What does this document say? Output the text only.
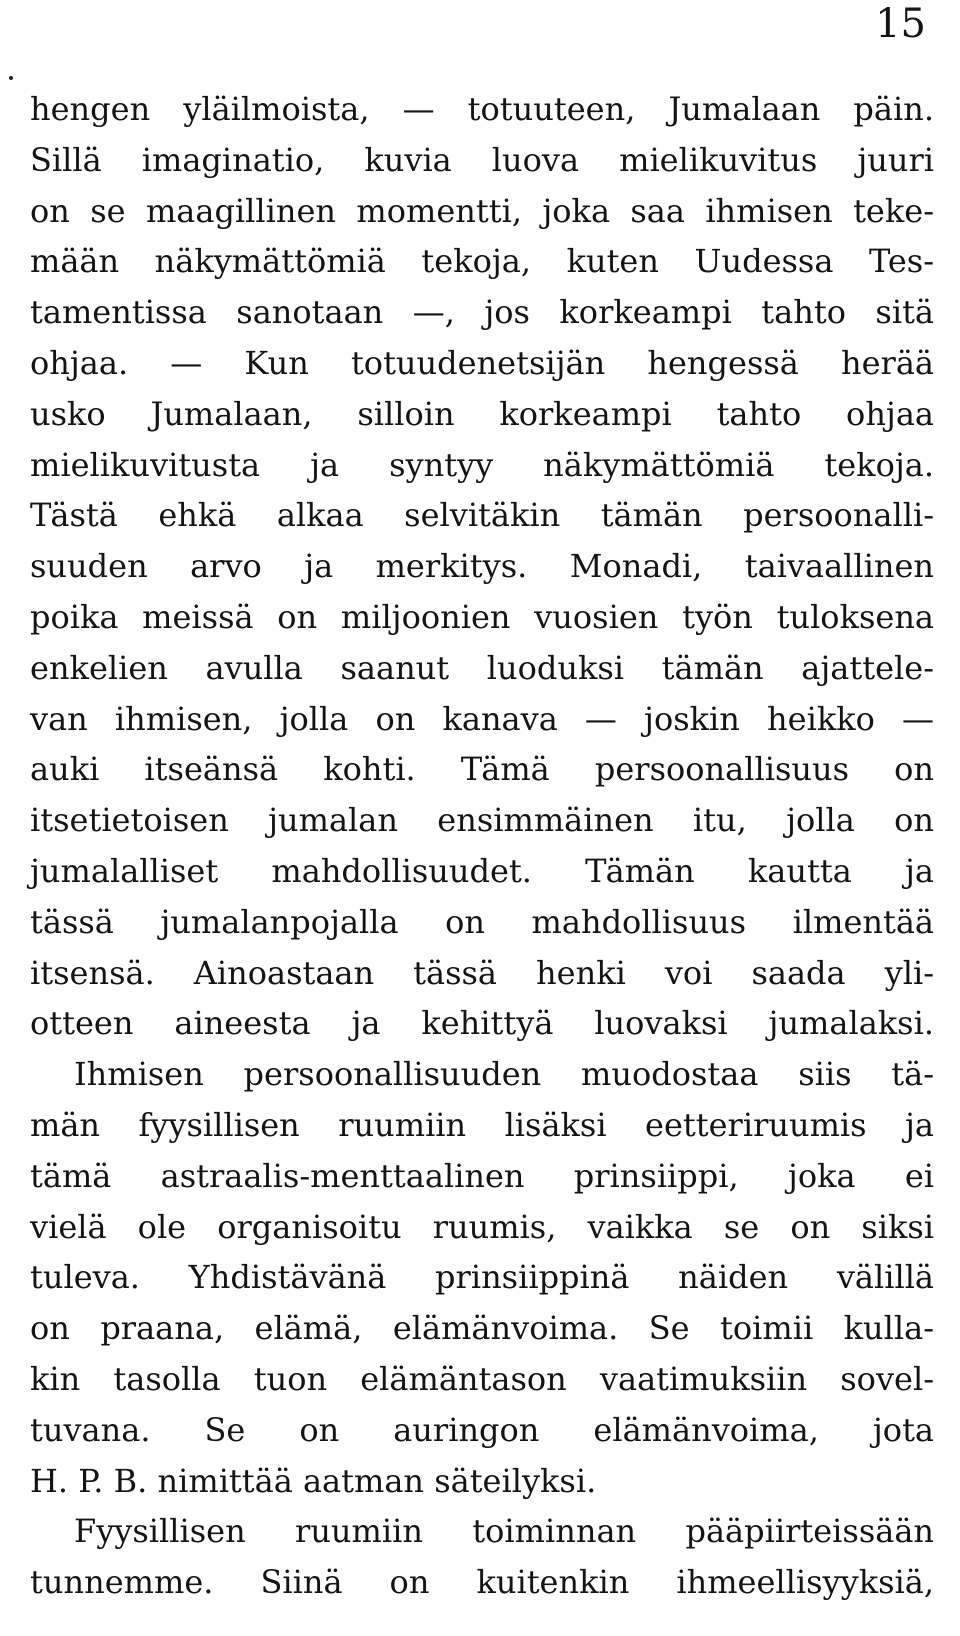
15
hengen yläilmoista, — totuuteen, Jumalaan päin.
Sillä imaginatio, kuvia luova mielikuvitus juuri
on se maagillinen momentti, joka saa ihmisen teke-
mään näkymättömiä tekoja, kuten Uudessa Tes-
tamentissa sanotaan —, jos korkeampi tahto sitä
ohjaa. — Kun totuudenetsijän hengessä herää
usko Jumalaan, silloin korkeampi tahto ohjaa
mielikuvitusta ja syntyy näkymättömiä tekoja.
Tästä ehkä alkaa selvitäkin tämän persoonalli-
suuden arvo ja merkitys. Monadi, taivaallinen
poika meissä on miljoonien vuosien työn tuloksena
enkelien avulla saanut luoduksi tämän ajattele-
van ihmisen, jolla on kanava — joskin heikko —
auki itseänsä kohti. Tämä persoonallisuus on
itsetietoisen jumalan ensimmäinen itu, jolla on
jumalalliset mahdollisuudet. Tämän kautta ja
tässä jumalanpojalla on mahdollisuus ilmentää
itsensä. Ainoastaan tässä henki voi saada yli-
otteen aineesta ja kehittyä luovaksi jumalaksi.
Ihmisen persoonallisuuden muodostaa siis tä-
män fyysillisen ruumiin lisäksi eetteriruumis ja
tämä astraalis-menttaalinen prinsiippi, joka ei
vielä ole organisoitu ruumis, vaikka se on siksi
tuleva. Yhdistävänä prinsiippinä näiden välillä
on praana, elämä, elämänvoima. Se toimii kulla-
kin tasolla tuon elämäntason vaatimuksiin sovel-
tuvana. Se on auringon elämänvoima, jota
H. P. B. nimittää aatman säteilyksi.
Fyysillisen ruumiin toiminnan pääpiirteissään
tunnemme. Siinä on kuitenkin ihmeellisyyksiä,
